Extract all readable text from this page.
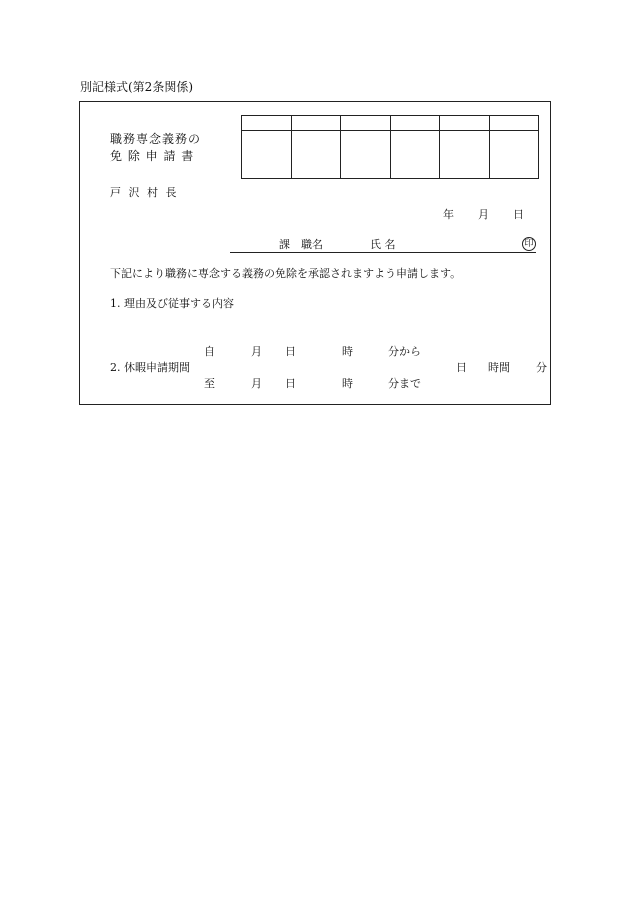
別記様式(第2条関係)
職務専念義務の
免 除 申 請 書

戸 沢 村 長
年 月 日
課 職名	氏 名	印
下記により職務に専念する義務の免除を承認されますよう申請します。
1. 理由及び従事する内容
自	月 日	時	分から
2. 休暇申請期間	日 時間 分
至	月 日	時	分まで
